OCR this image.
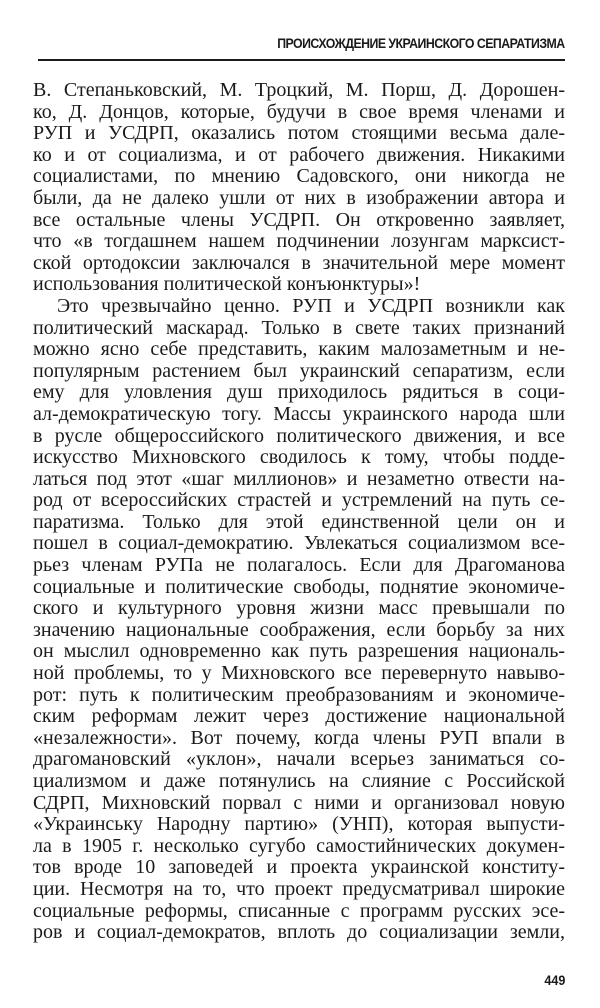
ПРОИСХОЖДЕНИЕ УКРАИНСКОГО СЕПАРАТИЗМА
В. Степаньковский, М. Троцкий, М. Порш, Д. Дорошен-
ко, Д. Донцов, которые, будучи в свое время членами и
РУП и УСДРП, оказались потом стоящими весьма дале-
ко и от социализма, и от рабочего движения. Никакими
социалистами, по мнению Садовского, они никогда не
были, да не далеко ушли от них в изображении автора и
все остальные члены УСДРП. Он откровенно заявляет,
что «в тогдашнем нашем подчинении лозунгам марксист-
ской ортодоксии заключался в значительной мере момент
использования политической конъюнктуры»!
Это чрезвычайно ценно. РУП и УСДРП возникли как
политический маскарад. Только в свете таких признаний
можно ясно себе представить, каким малозаметным и не-
популярным растением был украинский сепаратизм, если
ему для уловления душ приходилось рядиться в соци-
ал-демократическую тогу. Массы украинского народа шли
в русле общероссийского политического движения, и все
искусство Михновского сводилось к тому, чтобы подде-
латься под этот «шаг миллионов» и незаметно отвести на-
род от всероссийских страстей и устремлений на путь се-
паратизма. Только для этой единственной цели он и
пошел в социал-демократию. Увлекаться социализмом все-
рьез членам РУПа не полагалось. Если для Драгоманова
социальные и политические свободы, поднятие экономиче-
ского и культурного уровня жизни масс превышали по
значению национальные соображения, если борьбу за них
он мыслил одновременно как путь разрешения националь-
ной проблемы, то у Михновского все перевернуто навыво-
рот: путь к политическим преобразованиям и экономиче-
ским реформам лежит через достижение национальной
«незалежности». Вот почему, когда члены РУП впали в
драгомановский «уклон», начали всерьез заниматься со-
циализмом и даже потянулись на слияние с Российской
СДРП, Михновский порвал с ними и организовал новую
«Украинську Народну партию» (УНП), которая выпусти-
ла в 1905 г. несколько сугубо самостийнических докумен-
тов вроде 10 заповедей и проекта украинской конститу-
ции. Несмотря на то, что проект предусматривал широкие
социальные реформы, списанные с программ русских эсе-
ров и социал-демократов, вплоть до социализации земли,
449
